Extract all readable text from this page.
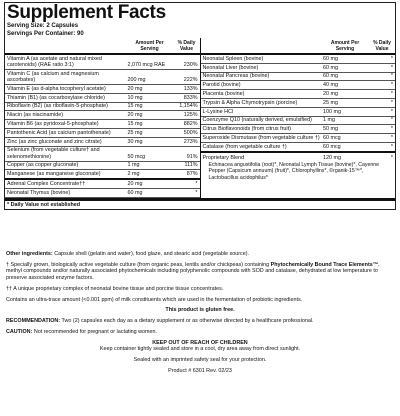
Supplement Facts
Serving Size: 2 Capsules
Servings Per Container: 90
Amount Per Serving
% Daily Value
Vitamin A (as acetate and natural mixed carotenoids) (RAE ratio 3:1)	2,070 mcg RAE	230%
Vitamin C (as calcium and magnesium ascorbates)	200 mg	222%
Vitamin E (as d-alpha tocopheryl acetate)	20 mg	133%
Thiamin (B1) (as cocarboxylase chloride)	10 mg	833%
Riboflavin (B2) (as riboflavin-5-phosphate)	15 mg	1,154%
Niacin (as niacinamide)	20 mg	125%
Vitamin B6 (as pyridoxal-5-phosphate)	15 mg	882%
Pantothenic Acid (as calcium pantothenate)	25 mg	500%
Zinc (as zinc gluconate and zinc citrate)	30 mg	273%
Selenium (from vegetable culture† and selenomethionine)	50 mcg	91%
Copper (as copper gluconate)	1 mg	111%
Manganese (as manganese gluconate)	2 mg	87%
Adrenal Complex Concentrate††	20 mg	*
Neonatal Thymus (bovine)	60 mg	*
Amount Per Serving
% Daily Value
Neonatal Spleen (bovine)	60 mg	*
Neonatal Liver (bovine)	60 mg	*
Neonatal Pancreas (bovine)	60 mg	*
Parotid (bovine)	40 mg	*
Placenta (bovine)	20 mg	*
Trypsin & Alpha Chymotrypsin (porcine)	25 mg	*
L-Lysine HCl	100 mg	*
Coenzyme Q10 (naturally derived, emulsified)	1 mg	*
Citrus Bioflavonoids (from citrus fruit)	50 mg	*
Superoxide Dismutase (from vegetable culture †) 60 mcg	*
Catalase (from vegetable culture †)	60 mcg	*
Proprietary Blend	120 mg	*
Echinacea angustifolia (root)*, Neonatal Lymph Tissue (bovine)*, Cayenne Pepper (Capsicum annuum) (fruit)*, Chlorophyllins*, ©rganik-15™*, Lactobacillus acidophilus*
* Daily Value not established

Other ingredients: Capsule shell (gelatin and water), food glaze, and stearic acid (vegetable source).

† Specially grown, biologically active vegetable culture (from organic peas, lentils and/or chickpeas) containing Phytochemically Bound Trace Elements™, methyl compounds and/or naturally associated phytochemicals including polyphenolic compounds with SOD and catalase, dehydrated at low temperature to preserve associated enzyme factors.

†† A unique proprietary complex of neonatal bovine tissue and porcine tissue concentrates.

Contains an ultra-trace amount (<0.001 ppm) of milk constituents which are used in the fermentation of probiotic ingredients.

This product is gluten free.

RECOMMENDATION: Two (2) capsules each day as a dietary supplement or as otherwise directed by a healthcare professional.

CAUTION: Not recommended for pregnant or lactating women.

KEEP OUT OF REACH OF CHILDREN

Keep container tightly sealed and store in a cool, dry area away from direct sunlight.

Sealed with an imprinted safety seal for your protection.

Product # 6301 Rev. 02/23
